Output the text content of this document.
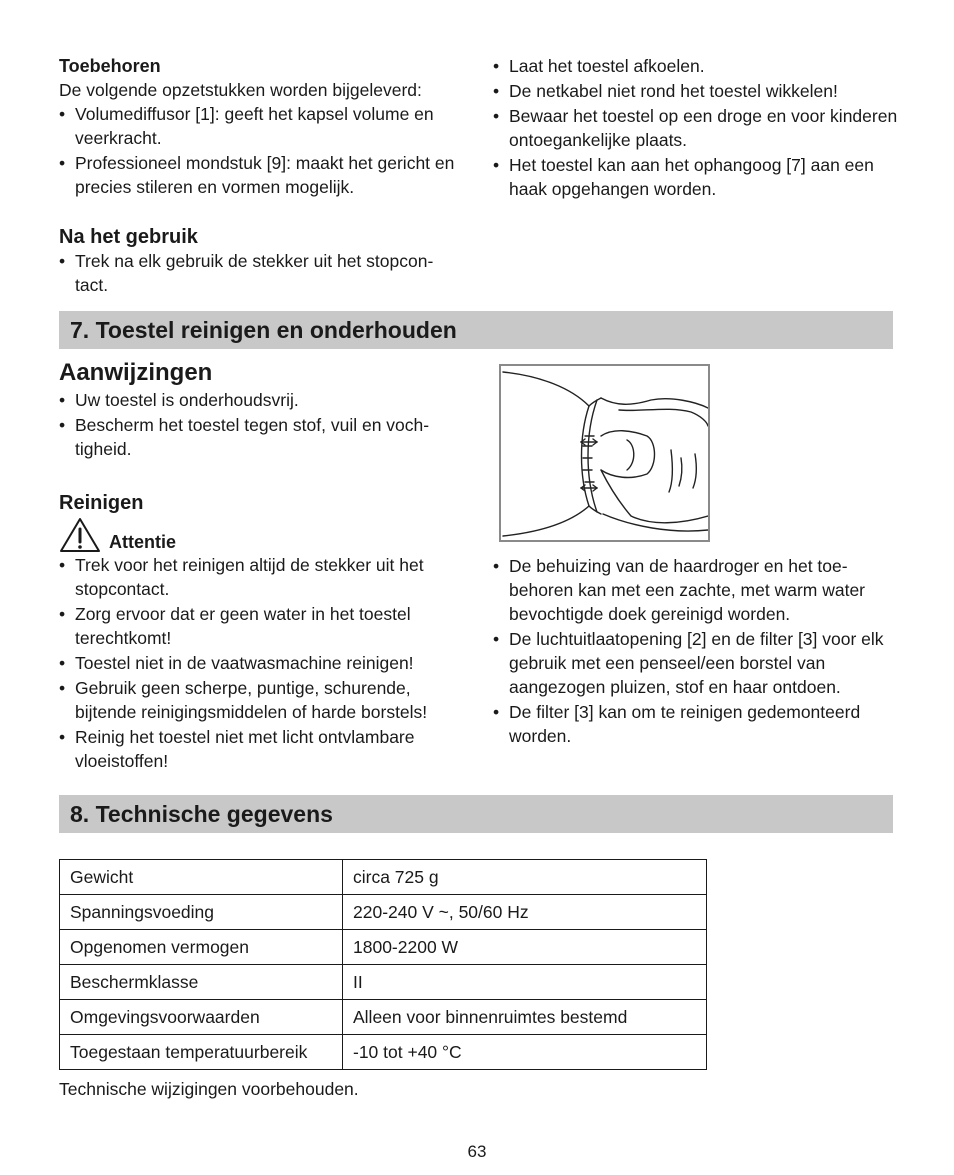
Toebehoren

De volgende opzetstukken worden bijgeleverd:

• Volumediffusor [1]: geeft het kapsel volume en veerkracht.
• Professioneel mondstuk [9]: maakt het gericht en precies stileren en vormen mogelijk.

Na het gebruik

• Trek na elk gebruik de stekker uit het stopcon-tact.
• Laat het toestel afkoelen.
• De netkabel niet rond het toestel wikkelen!
• Bewaar het toestel op een droge en voor kinderen ontoegankelijke plaats.
• Het toestel kan aan het ophangoog [7] aan een haak opgehangen worden.
7. Toestel reinigen en onderhouden

Aanwijzingen

• Uw toestel is onderhoudsvrij.
• Bescherm het toestel tegen stof, vuil en voch-tigheid.

Reinigen

Attentie
• Trek voor het reinigen altijd de stekker uit het stopcontact.
• Zorg ervoor dat er geen water in het toestel terechtkomt!
• Toestel niet in de vaatwasmachine reinigen!
• Gebruik geen scherpe, puntige, schurende, bijtende reinigingsmiddelen of harde borstels!
• Reinig het toestel niet met licht ontvlambare vloeistoffen!
• De behuizing van de haardroger en het toe-behoren kan met een zachte, met warm water bevochtigde doek gereinigd worden.
• De luchtuitlaatopening [2] en de filter [3] voor elk gebruik met een penseel/een borstel van aangezogen pluizen, stof en haar ontdoen.
• De filter [3] kan om te reinigen gedemonteerd worden.
8. Technische gegevens
Gewicht	circa 725 g
Spanningsvoeding	220-240 V ~, 50/60 Hz
Opgenomen vermogen	1800-2200 W
Beschermklasse	II
Omgevingsvoorwaarden	Alleen voor binnenruimtes bestemd
Toegestaan temperatuurbereik	-10 tot +40 °C

Technische wijzigingen voorbehouden.

63
